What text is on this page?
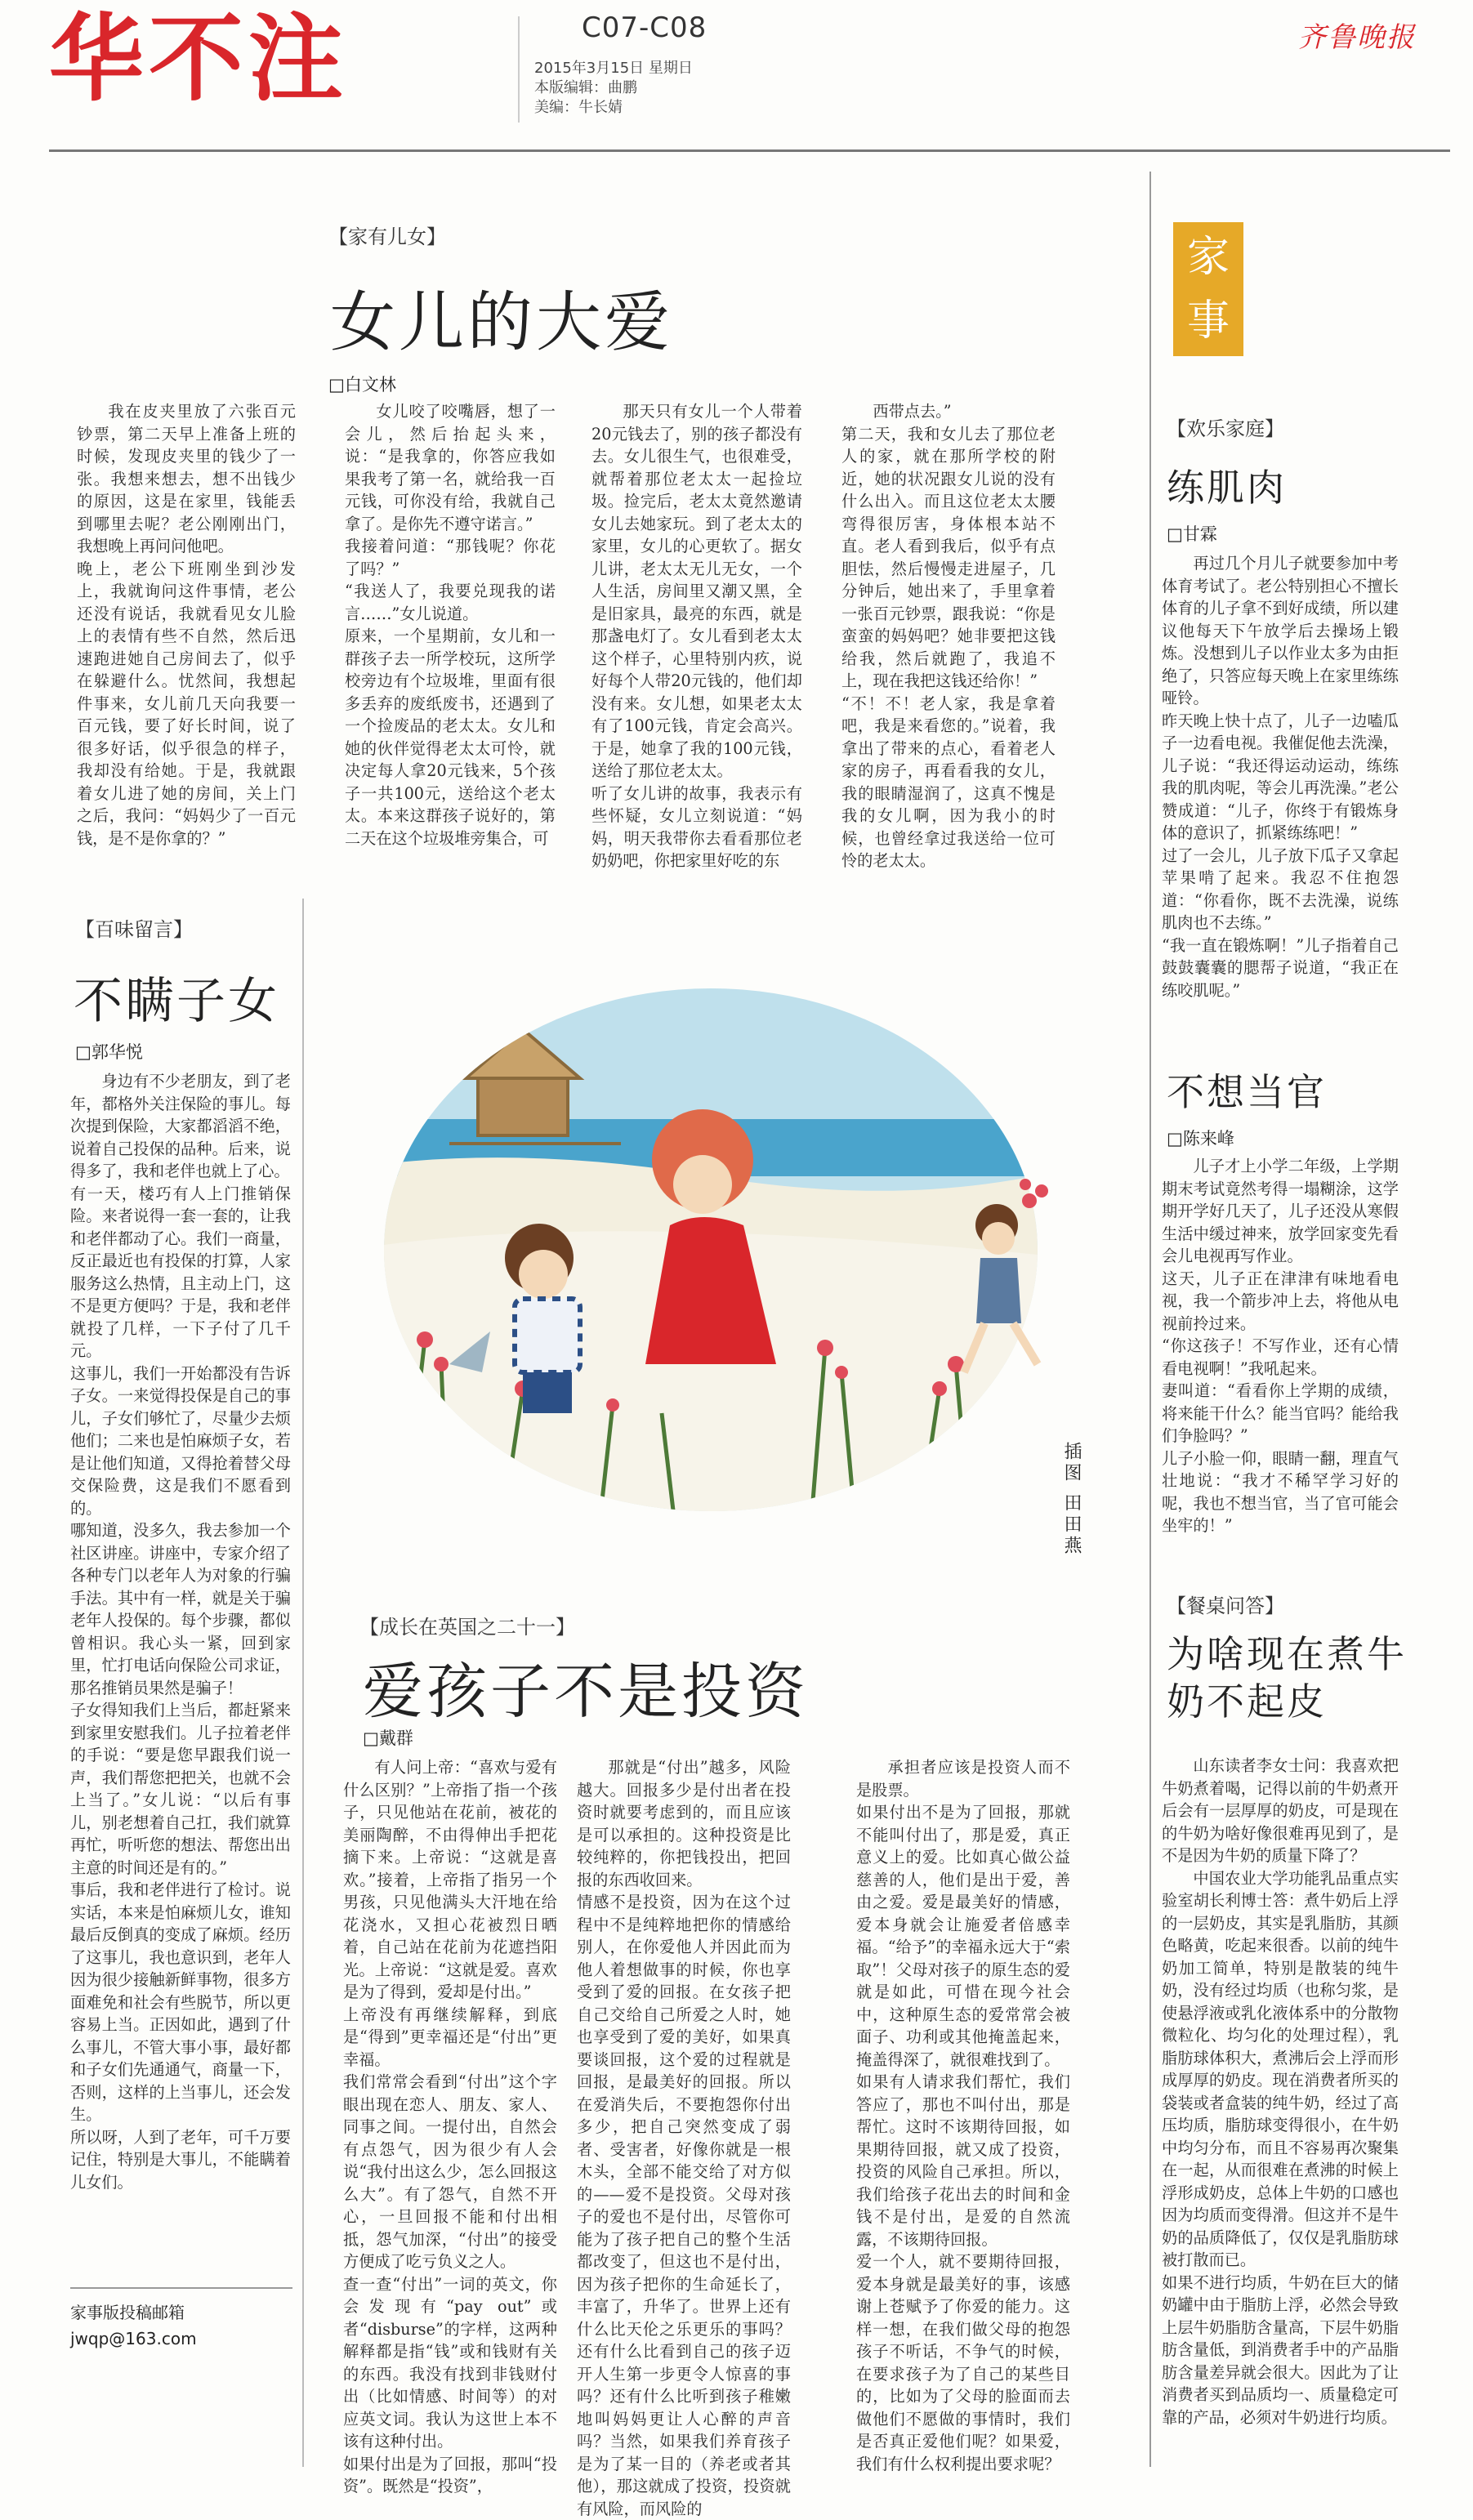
华不注	C07-C08	齐鲁晚报
2015年3月15日 星期日
本版编辑：曲鹏
美编：牛长婧
【家有儿女】
女儿的大爱
□白文林

我在皮夹里放了六张百元钞票，第二天早上准备上班的时候，发现皮夹里的钱少了一张。我想来想去，想不出钱少的原因，这是在家里，钱能丢到哪里去呢？老公刚刚出门，我想晚上再问问他吧。
晚上，老公下班刚坐到沙发上，我就询问这件事情，老公还没有说话，我就看见女儿脸上的表情有些不自然，然后迅速跑进她自己房间去了，似乎在躲避什么。忧然间，我想起件事来，女儿前几天向我要一百元钱，要了好长时间，说了很多好话，似乎很急的样子，我却没有给她。于是，我就跟着女儿进了她的房间，关上门之后，我问：“妈妈少了一百元钱，是不是你拿的？”

女儿咬了咬嘴唇，想了一会儿，然后抬起头来，说：“是我拿的，你答应我如果我考了第一名，就给我一百元钱，可你没有给，我就自己拿了。是你先不遵守诺言。”
我接着问道：“那钱呢？你花了吗？”
“我送人了，我要兑现我的诺言……”女儿说道。
原来，一个星期前，女儿和一群孩子去一所学校玩，这所学校旁边有个垃圾堆，里面有很多丢弃的废纸废书，还遇到了一个捡废品的老太太。女儿和她的伙伴觉得老太太可怜，就决定每人拿20元钱来，5个孩子一共100元，送给这个老太太。本来这群孩子说好的，第二天在这个垃圾堆旁集合，可

那天只有女儿一个人带着20元钱去了，别的孩子都没有去。女儿很生气，也很难受，就帮着那位老太太一起捡垃圾。捡完后，老太太竟然邀请女儿去她家玩。到了老太太的家里，女儿的心更软了。据女儿讲，老太太无儿无女，一个人生活，房间里又潮又黑，全是旧家具，最亮的东西，就是那盏电灯了。女儿看到老太太这个样子，心里特别内疚，说好每个人带20元钱的，他们却没有来。女儿想，如果老太太有了100元钱，肯定会高兴。于是，她拿了我的100元钱，送给了那位老太太。
听了女儿讲的故事，我表示有些怀疑，女儿立刻说道：“妈妈，明天我带你去看看那位老奶奶吧，你把家里好吃的东

西带点去。”
第二天，我和女儿去了那位老人的家，就在那所学校的附近，她的状况跟女儿说的没有什么出入。而且这位老太太腰弯得很厉害，身体根本站不直。老人看到我后，似乎有点胆怯，然后慢慢走进屋子，几分钟后，她出来了，手里拿着一张百元钞票，跟我说：“你是蛮蛮的妈妈吧？她非要把这钱给我，然后就跑了，我追不上，现在我把这钱还给你！”
“不！不！老人家，我是拿着吧，我是来看您的。”说着，我拿出了带来的点心，看着老人家的房子，再看看我的女儿，我的眼睛湿润了，这真不愧是我的女儿啊，因为我小的时候，也曾经拿过我送给一位可怜的老太太。

【百味留言】
不瞒子女
□郭华悦

身边有不少老朋友，到了老年，都格外关注保险的事儿。每次提到保险，大家都滔滔不绝，说着自己投保的品种。后来，说得多了，我和老伴也就上了心。
有一天，楼巧有人上门推销保险。来者说得一套一套的，让我和老伴都动了心。我们一商量，反正最近也有投保的打算，人家服务这么热情，且主动上门，这不是更方便吗？于是，我和老伴就投了几样，一下子付了几千元。
这事儿，我们一开始都没有告诉子女。一来觉得投保是自己的事儿，子女们够忙了，尽量少去烦他们；二来也是怕麻烦子女，若是让他们知道，又得抢着替父母交保险费，这是我们不愿看到的。
哪知道，没多久，我去参加一个社区讲座。讲座中，专家介绍了各种专门以老年人为对象的行骗手法。其中有一样，就是关于骗老年人投保的。每个步骤，都似曾相识。我心头一紧，回到家里，忙打电话向保险公司求证，那名推销员果然是骗子！
子女得知我们上当后，都赶紧来到家里安慰我们。儿子拉着老伴的手说：“要是您早跟我们说一声，我们帮您把把关，也就不会上当了。”女儿说：“以后有事儿，别老想着自己扛，我们就算再忙，听听您的想法、帮您出出主意的时间还是有的。”
事后，我和老伴进行了检讨。说实话，本来是怕麻烦儿女，谁知最后反倒真的变成了麻烦。经历了这事儿，我也意识到，老年人因为很少接触新鲜事物，很多方面难免和社会有些脱节，所以更容易上当。正因如此，遇到了什么事儿，不管大事小事，最好都和子女们先通通气，商量一下，否则，这样的上当事儿，还会发生。
所以呀，人到了老年，可千万要记住，特别是大事儿，不能瞒着儿女们。

家事版投稿邮箱
jwqp@163.com
插图 田田燕
【成长在英国之二十一】
爱孩子不是投资
□戴群

有人问上帝：“喜欢与爱有什么区别？”上帝指了指一个孩子，只见他站在花前，被花的美丽陶醉，不由得伸出手把花摘下来。上帝说：“这就是喜欢。”接着，上帝指了指另一个男孩，只见他满头大汗地在给花浇水，又担心花被烈日晒着，自己站在花前为花遮挡阳光。上帝说：“这就是爱。喜欢是为了得到，爱却是付出。”
上帝没有再继续解释，到底是“得到”更幸福还是“付出”更幸福。
我们常常会看到“付出”这个字眼出现在恋人、朋友、家人、同事之间。一提付出，自然会有点怨气，因为很少有人会说“我付出这么少，怎么回报这么大”。有了怨气，自然不开心，一旦回报不能和付出相抵，怨气加深，“付出”的接受方便成了吃亏负义之人。
查一查“付出”一词的英文，你会发现有“pay out”或者“disburse”的字样，这两种解释都是指“钱”或和钱财有关的东西。我没有找到非钱财付出（比如情感、时间等）的对应英文词。我认为这世上本不该有这种付出。
如果付出是为了回报，那叫“投资”。既然是“投资”，

那就是“付出”越多，风险越大。回报多少是付出者在投资时就要考虑到的，而且应该是可以承担的。这种投资是比较纯粹的，你把钱投出，把回报的东西收回来。
情感不是投资，因为在这个过程中不是纯粹地把你的情感给别人，在你爱他人并因此而为他人着想做事的时候，你也享受到了爱的回报。在女孩子把自己交给自己所爱之人时，她也享受到了爱的美好，如果真要谈回报，这个爱的过程就是回报，是最美好的回报。所以在爱消失后，不要抱怨你付出多少，把自己突然变成了弱者、受害者，好像你就是一根木头，全部不能交给了对方似的——爱不是投资。父母对孩子的爱也不是付出，尽管你可能为了孩子把自己的整个生活都改变了，但这也不是付出，因为孩子把你的生命延长了，丰富了，升华了。世界上还有什么比天伦之乐更乐的事吗？还有什么比看到自己的孩子迈开人生第一步更令人惊喜的事吗？还有什么比听到孩子稚嫩地叫妈妈更让人心醉的声音吗？当然，如果我们养育孩子是为了某一目的（养老或者其他），那这就成了投资，投资就有风险，而风险的

承担者应该是投资人而不是股票。
如果付出不是为了回报，那就不能叫付出了，那是爱，真正意义上的爱。比如真心做公益慈善的人，他们是出于爱，善由之爱。爱是最美好的情感，爱本身就会让施爱者倍感幸福。“给予”的幸福永远大于“索取”！父母对孩子的原生态的爱就是如此，可惜在现今社会中，这种原生态的爱常常会被面子、功利或其他掩盖起来，掩盖得深了，就很难找到了。
如果有人请求我们帮忙，我们答应了，那也不叫付出，那是帮忙。这时不该期待回报，如果期待回报，就又成了投资，投资的风险自己承担。所以，我们给孩子花出去的时间和金钱不是付出，是爱的自然流露，不该期待回报。
爱一个人，就不要期待回报，爱本身就是最美好的事，该感谢上苍赋予了你爱的能力。这样一想，在我们做父母的抱怨孩子不听话，不争气的时候，在要求孩子为了自己的某些目的，比如为了父母的脸面而去做他们不愿做的事情时，我们是否真正爱他们呢？如果爱，我们有什么权利提出要求呢？

家
事
【欢乐家庭】
练肌肉
□甘霖

再过几个月儿子就要参加中考体育考试了。老公特别担心不擅长体育的儿子拿不到好成绩，所以建议他每天下午放学后去操场上锻炼。没想到儿子以作业太多为由拒绝了，只答应每天晚上在家里练练哑铃。
昨天晚上快十点了，儿子一边嗑瓜子一边看电视。我催促他去洗澡，儿子说：“我还得运动运动，练练我的肌肉呢，等会儿再洗澡。”老公赞成道：“儿子，你终于有锻炼身体的意识了，抓紧练练吧！”
过了一会儿，儿子放下瓜子又拿起苹果啃了起来。我忍不住抱怨道：“你看你，既不去洗澡，说练肌肉也不去练。”
“我一直在锻炼啊！”儿子指着自己鼓鼓囊囊的腮帮子说道，“我正在练咬肌呢。”

不想当官
□陈来峰

儿子才上小学二年级，上学期期末考试竟然考得一塌糊涂，这学期开学好几天了，儿子还没从寒假生活中缓过神来，放学回家变先看会儿电视再写作业。
这天，儿子正在津津有味地看电视，我一个箭步冲上去，将他从电视前拎过来。
“你这孩子！不写作业，还有心情看电视啊！”我吼起来。
妻叫道：“看看你上学期的成绩，将来能干什么？能当官吗？能给我们争脸吗？”
儿子小脸一仰，眼睛一翻，理直气壮地说：“我才不稀罕学习好的呢，我也不想当官，当了官可能会坐牢的！”

【餐桌问答】
为啥现在煮牛奶不起皮

山东读者李女士问：我喜欢把牛奶煮着喝，记得以前的牛奶煮开后会有一层厚厚的奶皮，可是现在的牛奶为啥好像很难再见到了，是不是因为牛奶的质量下降了？

中国农业大学功能乳品重点实验室胡长利博士答：煮牛奶后上浮的一层奶皮，其实是乳脂肪，其颜色略黄，吃起来很香。以前的纯牛奶加工简单，特别是散装的纯牛奶，没有经过均质（也称匀浆，是使悬浮液或乳化液体系中的分散物微粒化、均匀化的处理过程），乳脂肪球体积大，煮沸后会上浮而形成厚厚的奶皮。现在消费者所买的袋装或者盒装的纯牛奶，经过了高压均质，脂肪球变得很小，在牛奶中均匀分布，而且不容易再次聚集在一起，从而很难在煮沸的时候上浮形成奶皮，总体上牛奶的口感也因为均质而变得滑。但这并不是牛奶的品质降低了，仅仅是乳脂肪球被打散而已。
如果不进行均质，牛奶在巨大的储奶罐中由于脂肪上浮，必然会导致上层牛奶脂肪含量高，下层牛奶脂肪含量低，到消费者手中的产品脂肪含量差异就会很大。因此为了让消费者买到品质均一、质量稳定可靠的产品，必须对牛奶进行均质。
